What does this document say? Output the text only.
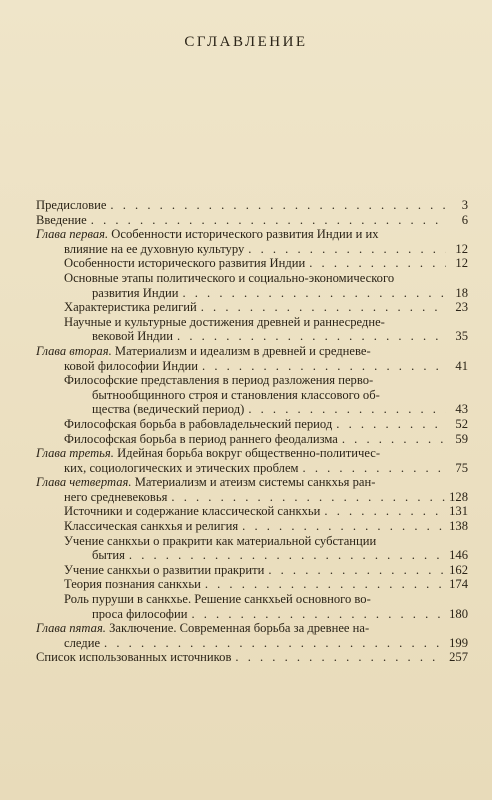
СГЛАВЛЕНИЕ
Предисловие . . .	3
Введение . . .	6
Глава первая. Особенности исторического развития Индии и их
влияние на ее духовную культуру . . .	12
Особенности исторического развития Индии . . .	12
Основные этапы политического и социально-экономического
развития Индии . . .	18
Характеристика религий . . .	23
Научные и культурные достижения древней и раннесредне-
вековой Индии . . .	35
Глава вторая. Материализм и идеализм в древней и средневе-
ковой философии Индии . . .	41
Философские представления в период разложения перво-
бытнообщинного строя и становления классового об-
щества (ведический период) . . .	43
Философская борьба в рабовладельческий период . . .	52
Философская борьба в период раннего феодализма . . .	59
Глава третья. Идейная борьба вокруг общественно-политичес-
ких, социологических и этических проблем . . .	75
Глава четвертая. Материализм и атеизм системы санкхья ран-
него средневековья . . .	128
Источники и содержание классической санкхьи . . .	131
Классическая санкхья и религия . . .	138
Учение санкхьи о пракрити как материальной субстанции
бытия . . .	146
Учение санкхьи о развитии пракрити . . .	162
Теория познания санкхьи . . .	174
Роль пуруши в санкхье. Решение санкхьей основного во-
проса философии . . .	180
Глава пятая. Заключение. Современная борьба за древнее на-
следие . . .	199
Список использованных источников . . .	257
